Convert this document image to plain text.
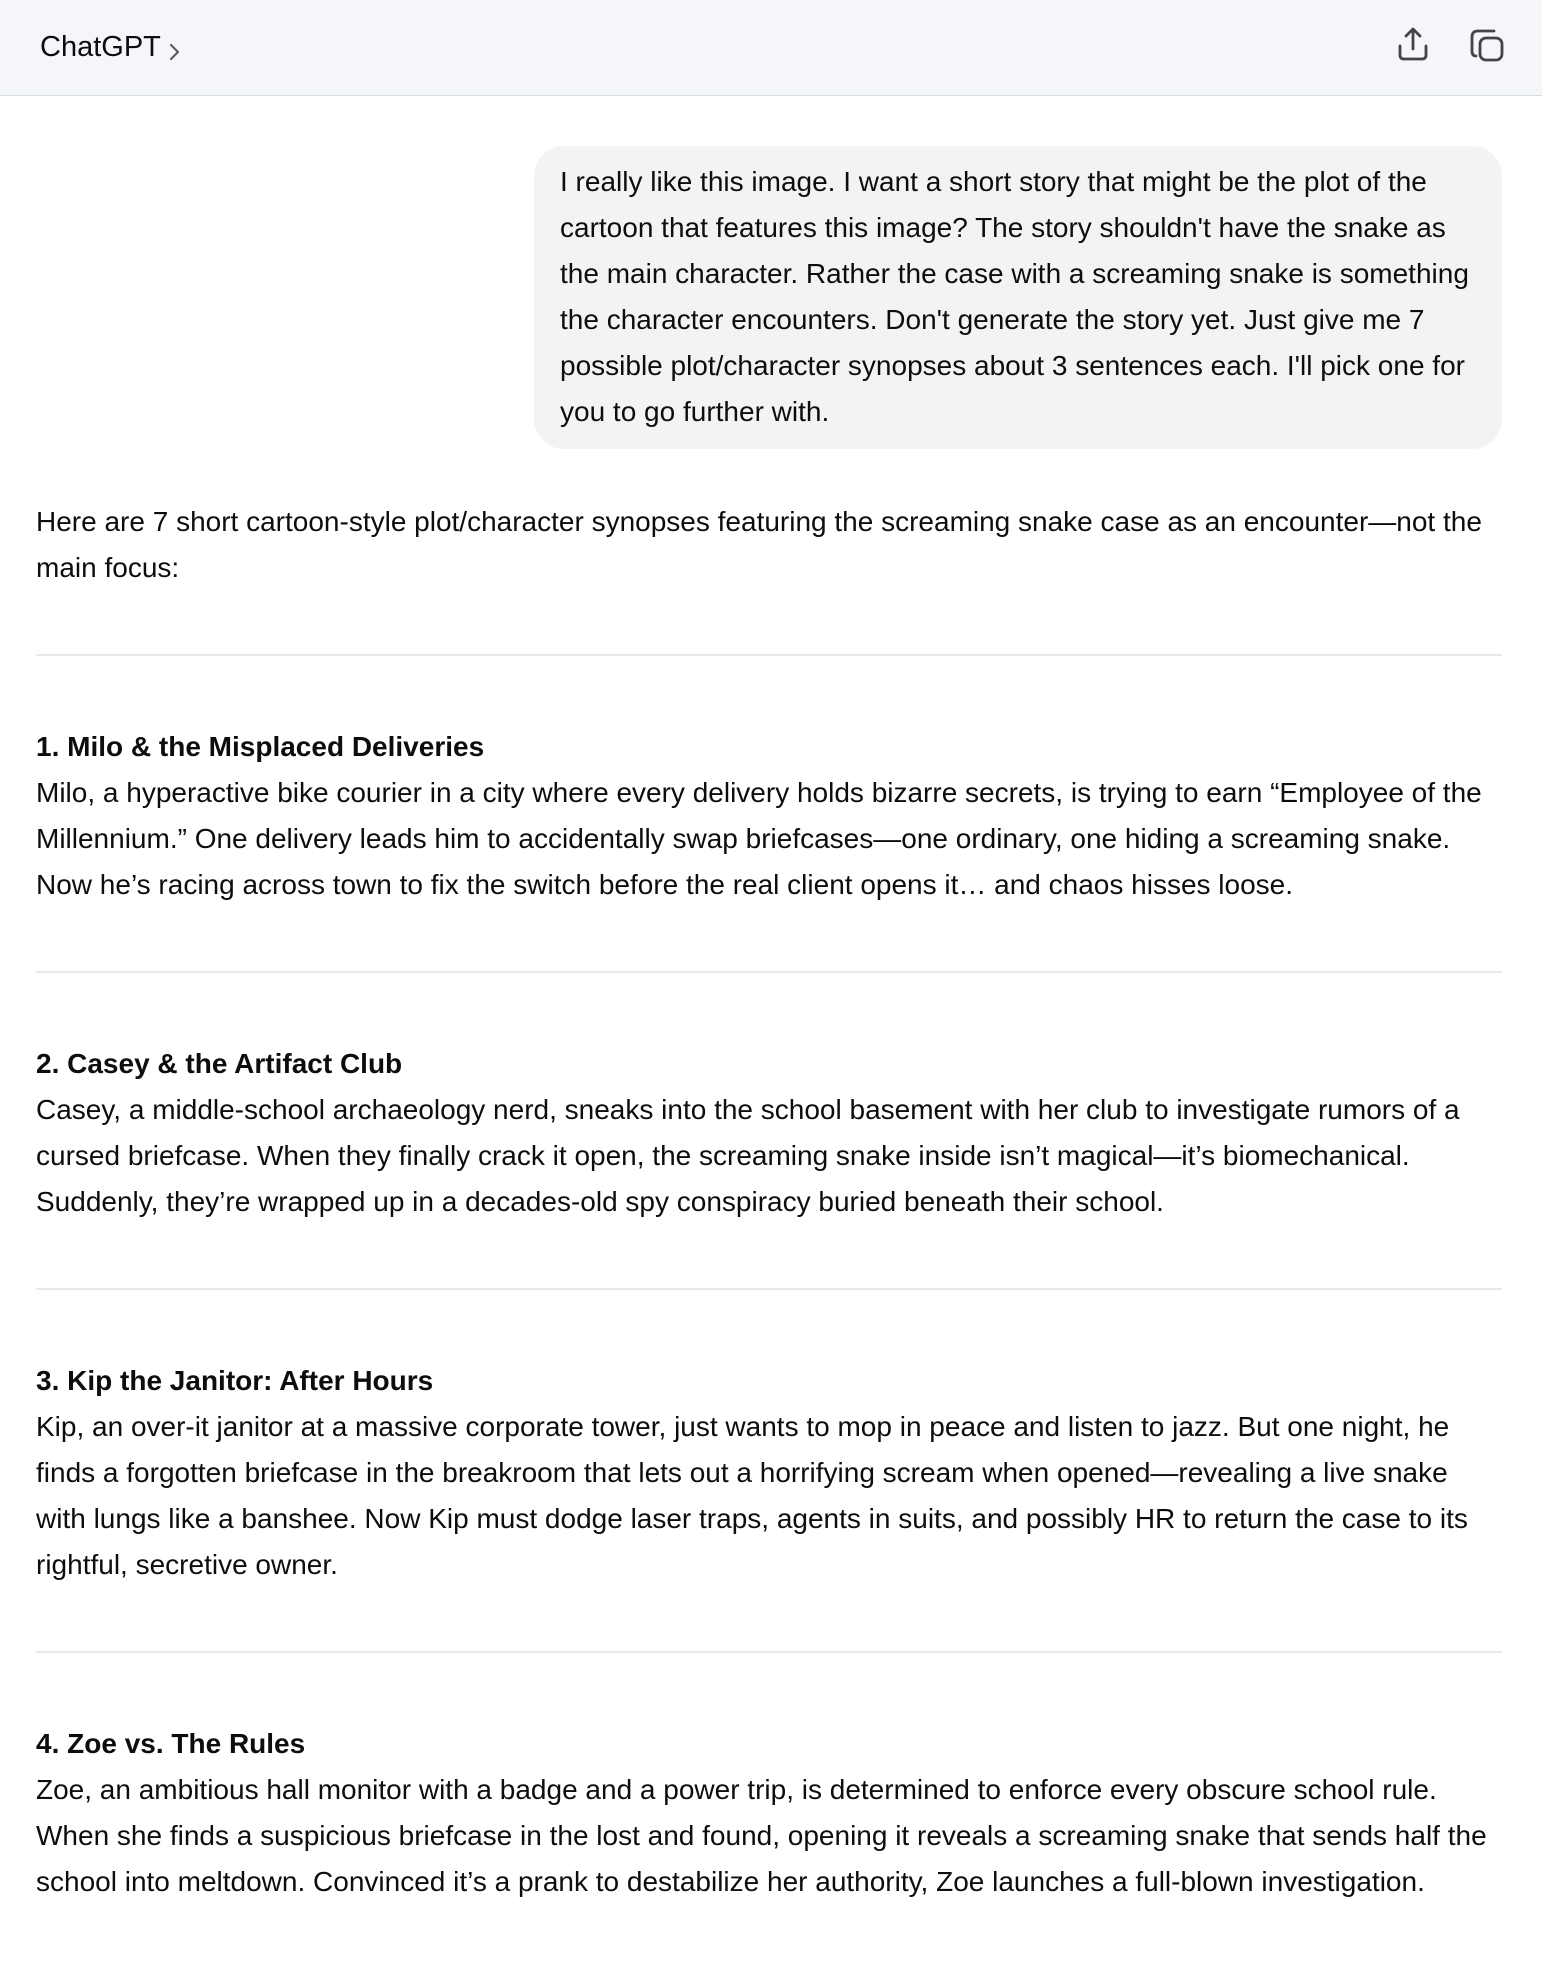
ChatGPT
I really like this image. I want a short story that might be the plot of the cartoon that features this image? The story shouldn't have the snake as the main character. Rather the case with a screaming snake is something the character encounters. Don't generate the story yet. Just give me 7 possible plot/character synopses about 3 sentences each. I'll pick one for you to go further with.

Here are 7 short cartoon-style plot/character synopses featuring the screaming snake case as an encounter—not the main focus:

1. Milo & the Misplaced Deliveries

Milo, a hyperactive bike courier in a city where every delivery holds bizarre secrets, is trying to earn “Employee of the Millennium.” One delivery leads him to accidentally swap briefcases—one ordinary, one hiding a screaming snake. Now he’s racing across town to fix the switch before the real client opens it… and chaos hisses loose.

2. Casey & the Artifact Club

Casey, a middle-school archaeology nerd, sneaks into the school basement with her club to investigate rumors of a cursed briefcase. When they finally crack it open, the screaming snake inside isn’t magical—it’s biomechanical. Suddenly, they’re wrapped up in a decades-old spy conspiracy buried beneath their school.

3. Kip the Janitor: After Hours

Kip, an over-it janitor at a massive corporate tower, just wants to mop in peace and listen to jazz. But one night, he finds a forgotten briefcase in the breakroom that lets out a horrifying scream when opened—revealing a live snake with lungs like a banshee. Now Kip must dodge laser traps, agents in suits, and possibly HR to return the case to its rightful, secretive owner.

4. Zoe vs. The Rules

Zoe, an ambitious hall monitor with a badge and a power trip, is determined to enforce every obscure school rule. When she finds a suspicious briefcase in the lost and found, opening it reveals a screaming snake that sends half the school into meltdown. Convinced it’s a prank to destabilize her authority, Zoe launches a full-blown investigation.
